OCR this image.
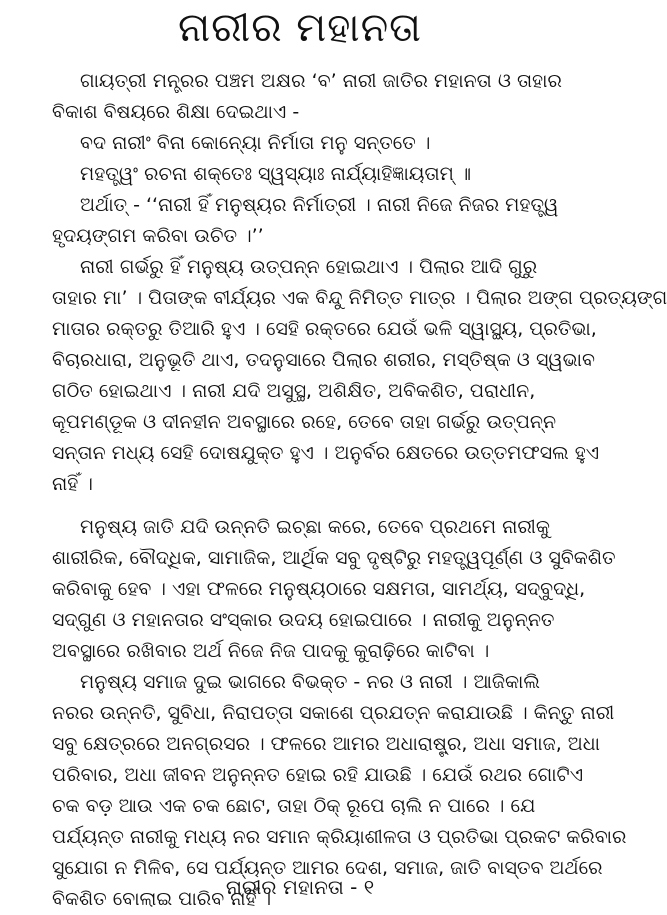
ନାରୀର ମହାନତା
ଗାୟତ୍ରୀ ମନ୍ତ୍ରର ପଞ୍ଚମ ଅକ୍ଷର ‘ବ’ ନାରୀ ଜାତିର ମହାନତା ଓ ତାହାର
ବିକାଶ ବିଷୟରେ ଶିକ୍ଷା ଦେଇଥାଏ -
ବଦ ନାରୀଂ ବିନା କୋନ୍ୟୋ ନିର୍ମାତା ମନୁ ସନ୍ତତେ ।
ମହତ୍ତ୍ୱଂ ରଚନା ଶକ୍ତେଃ ସ୍ୱସ୍ୟାଃ ନାର୍ଯ୍ୟାହିଜ୍ଞାୟତାମ୍ ॥
ଅର୍ଥାତ୍ - ‘‘ନାରୀ ହିଁ ମନୁଷ୍ୟର ନିର୍ମାତ୍ରୀ । ନାରୀ ନିଜେ ନିଜର ମହତ୍ତ୍ୱ
ହୃଦୟଙ୍ଗମ କରିବା ଉଚିତ ।’’
ନାରୀ ଗର୍ଭରୁ ହିଁ ମନୁଷ୍ୟ ଉତ୍ପନ୍ନ ହୋଇଥାଏ । ପିଲାର ଆଦି ଗୁରୁ
ତାହାର ମା’ । ପିତାଙ୍କ ବୀର୍ଯ୍ୟର ଏକ ବିନ୍ଦୁ ନିମିତ୍ତ ମାତ୍ର । ପିଲାର ଅଙ୍ଗ ପ୍ରତ୍ୟଙ୍ଗ
ମାତାର ରକ୍ତରୁ ତିଆରି ହୁଏ । ସେହି ରକ୍ତରେ ଯେଉଁ ଭଳି ସ୍ୱାସ୍ଥ୍ୟ, ପ୍ରତିଭା,
ବିଚାରଧାରା, ଅନୁଭୂତି ଥାଏ, ତଦନୁସାରେ ପିଲାର ଶରୀର, ମସ୍ତିଷ୍କ ଓ ସ୍ୱଭାବ
ଗଠିତ ହୋଇଥାଏ । ନାରୀ ଯଦି ଅସୁସ୍ଥ, ଅଶିକ୍ଷିତ, ଅବିକଶିତ, ପରାଧୀନ,
କୂପମଣ୍ଡୂକ ଓ ଦୀନହୀନ ଅବସ୍ଥାରେ ରହେ, ତେବେ ତାହା ଗର୍ଭରୁ ଉତ୍ପନ୍ନ
ସନ୍ତାନ ମଧ୍ୟ ସେହି ଦୋଷଯୁକ୍ତ ହୁଏ । ଅନୁର୍ବର କ୍ଷେତରେ ଉତ୍ତମଫସଲ ହୁଏ
ନାହିଁ ।
ମନୁଷ୍ୟ ଜାତି ଯଦି ଉନ୍ନତି ଇଚ୍ଛା କରେ, ତେବେ ପ୍ରଥମେ ନାରୀକୁ
ଶାରୀରିକ, ବୌଦ୍ଧିକ, ସାମାଜିକ, ଆର୍ଥିକ ସବୁ ଦୃଷ୍ଟିରୁ ମହତ୍ତ୍ୱପୂର୍ଣ୍ଣ ଓ ସୁବିକଶିତ
କରିବାକୁ ହେବ । ଏହା ଫଳରେ ମନୁଷ୍ୟଠାରେ ସକ୍ଷମତା, ସାମର୍ଥ୍ୟ, ସଦ୍‌ବୁଦ୍ଧି,
ସଦ୍‌ଗୁଣ ଓ ମହାନତାର ସଂସ୍କାର ଉଦୟ ହୋଇପାରେ । ନାରୀକୁ ଅନୁନ୍ନତ
ଅବସ୍ଥାରେ ରଖିବାର ଅର୍ଥ ନିଜେ ନିଜ ପାଦକୁ କୁରାଢ଼ିରେ କାଟିବା ।
ମନୁଷ୍ୟ ସମାଜ ଦୁଇ ଭାଗରେ ବିଭକ୍ତ - ନର ଓ ନାରୀ । ଆଜିକାଲି
ନରର ଉନ୍ନତି, ସୁବିଧା, ନିରାପତ୍ତା ସକାଶେ ପ୍ରଯତ୍ନ କରାଯାଉଛି । କିନ୍ତୁ ନାରୀ
ସବୁ କ୍ଷେତ୍ରରେ ଅନଗ୍ରସର । ଫଳରେ ଆମର ଅଧାରାଷ୍ଟ୍ର, ଅଧା ସମାଜ, ଅଧା
ପରିବାର, ଅଧା ଜୀବନ ଅନୁନ୍ନତ ହୋଇ ରହି ଯାଉଛି । ଯେଉଁ ରଥର ଗୋଟିଏ
ଚକ ବଡ଼ ଆଉ ଏକ ଚକ ଛୋଟ, ତାହା ଠିକ୍ ରୂପେ ଚାଲି ନ ପାରେ । ଯେ
ପର୍ଯ୍ୟନ୍ତ ନାରୀକୁ ମଧ୍ୟ ନର ସମାନ କ୍ରିୟାଶୀଳତା ଓ ପ୍ରତିଭା ପ୍ରକଟ କରିବାର
ସୁଯୋଗ ନ ମିଳିବ, ସେ ପର୍ଯ୍ୟନ୍ତ ଆମର ଦେଶ, ସମାଜ, ଜାତି ବାସ୍ତବ ଅର୍ଥରେ
ବିକଶିତ ବୋଲାଇ ପାରିବ ନାହିଁ ।
ନାରୀର ମହାନତା - ୧
